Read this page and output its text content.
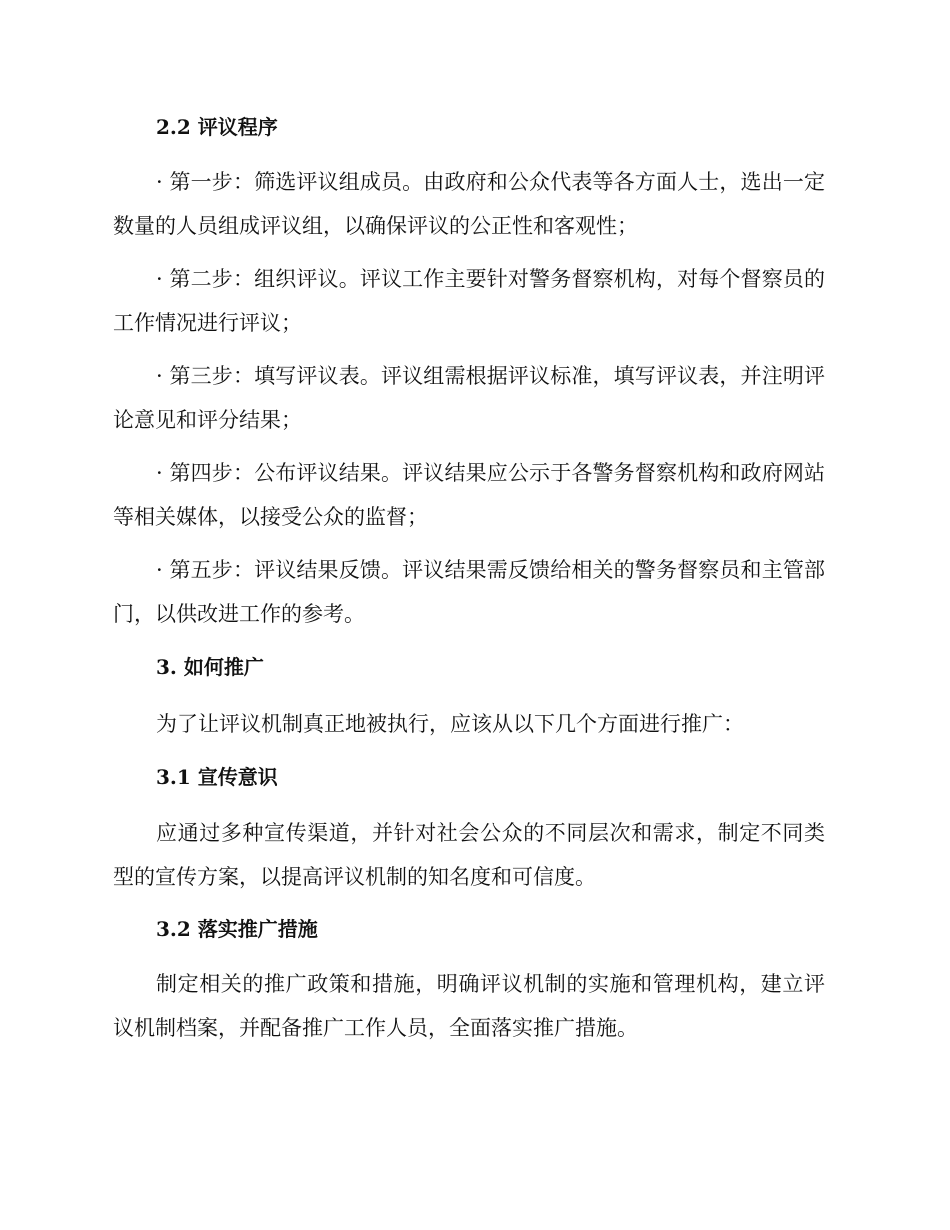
2.2 评议程序

· 第一步：筛选评议组成员。由政府和公众代表等各方面人士，选出一定数量的人员组成评议组，以确保评议的公正性和客观性；

· 第二步：组织评议。评议工作主要针对警务督察机构，对每个督察员的工作情况进行评议；

· 第三步：填写评议表。评议组需根据评议标准，填写评议表，并注明评论意见和评分结果；

· 第四步：公布评议结果。评议结果应公示于各警务督察机构和政府网站等相关媒体，以接受公众的监督；

· 第五步：评议结果反馈。评议结果需反馈给相关的警务督察员和主管部门，以供改进工作的参考。

3. 如何推广

为了让评议机制真正地被执行，应该从以下几个方面进行推广：

3.1 宣传意识

应通过多种宣传渠道，并针对社会公众的不同层次和需求，制定不同类型的宣传方案，以提高评议机制的知名度和可信度。

3.2 落实推广措施

制定相关的推广政策和措施，明确评议机制的实施和管理机构，建立评议机制档案，并配备推广工作人员，全面落实推广措施。
